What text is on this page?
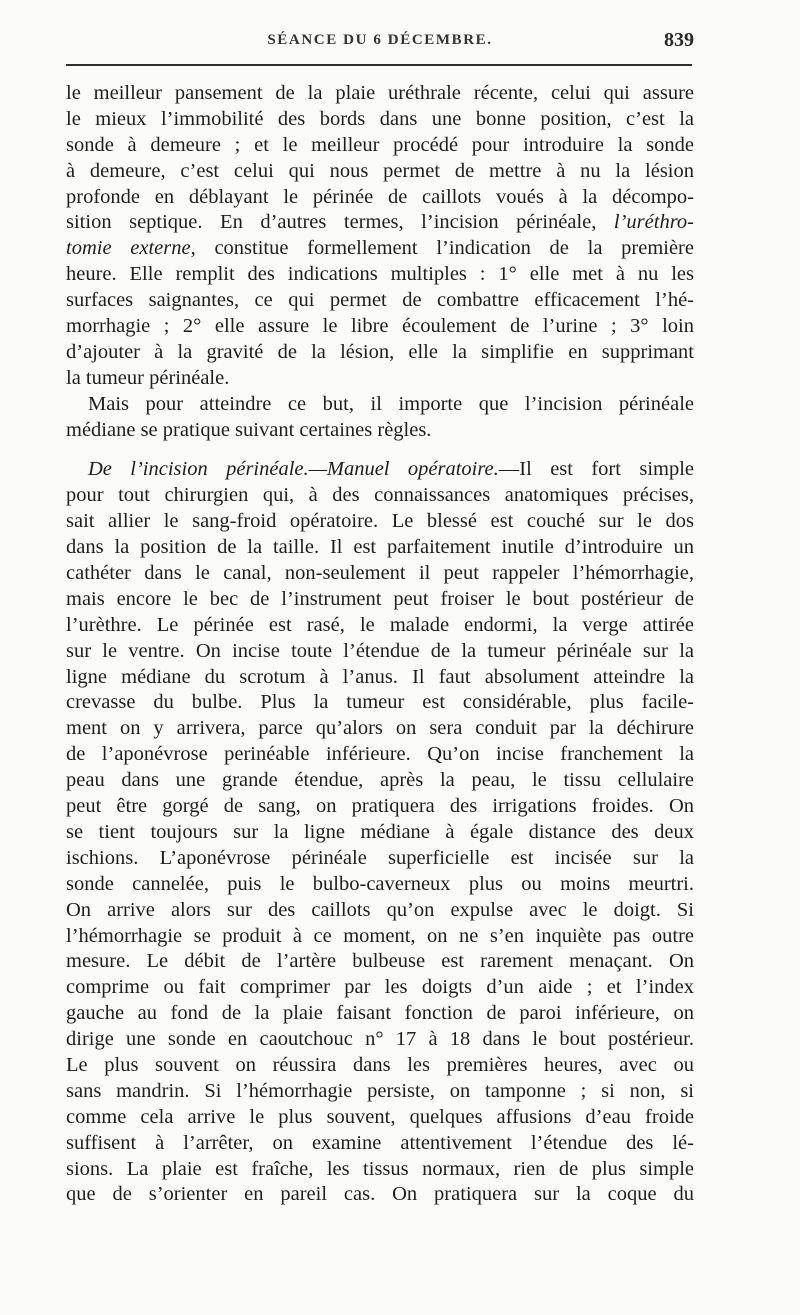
SÉANCE DU 6 DÉCEMBRE.	839
le meilleur pansement de la plaie uréthrale récente, celui qui assure
le mieux l’immobilité des bords dans une bonne position, c’est la
sonde à demeure ; et le meilleur procédé pour introduire la sonde
à demeure, c’est celui qui nous permet de mettre à nu la lésion
profonde en déblayant le périnée de caillots voués à la décompo-
sition septique. En d’autres termes, l’incision périnéale, l’uréthro-
tomie externe, constitue formellement l’indication de la première
heure. Elle remplit des indications multiples : 1° elle met à nu les
surfaces saignantes, ce qui permet de combattre efficacement l’hé-
morrhagie ; 2° elle assure le libre écoulement de l’urine ; 3° loin
d’ajouter à la gravité de la lésion, elle la simplifie en supprimant
la tumeur périnéale.
Mais pour atteindre ce but, il importe que l’incision périnéale
médiane se pratique suivant certaines règles.
De l’incision périnéale.—Manuel opératoire.—Il est fort simple
pour tout chirurgien qui, à des connaissances anatomiques précises,
sait allier le sang-froid opératoire. Le blessé est couché sur le dos
dans la position de la taille. Il est parfaitement inutile d’introduire un
cathéter dans le canal, non-seulement il peut rappeler l’hémorrhagie,
mais encore le bec de l’instrument peut froiser le bout postérieur de
l’urèthre. Le périnée est rasé, le malade endormi, la verge attirée
sur le ventre. On incise toute l’étendue de la tumeur périnéale sur la
ligne médiane du scrotum à l’anus. Il faut absolument atteindre la
crevasse du bulbe. Plus la tumeur est considérable, plus facile-
ment on y arrivera, parce qu’alors on sera conduit par la déchirure
de l’aponévrose perinéable inférieure. Qu’on incise franchement la
peau dans une grande étendue, après la peau, le tissu cellulaire
peut être gorgé de sang, on pratiquera des irrigations froides. On
se tient toujours sur la ligne médiane à égale distance des deux
ischions. L’aponévrose périnéale superficielle est incisée sur la
sonde cannelée, puis le bulbo-caverneux plus ou moins meurtri.
On arrive alors sur des caillots qu’on expulse avec le doigt. Si
l’hémorrhagie se produit à ce moment, on ne s’en inquiète pas outre
mesure. Le débit de l’artère bulbeuse est rarement menaçant. On
comprime ou fait comprimer par les doigts d’un aide ; et l’index
gauche au fond de la plaie faisant fonction de paroi inférieure, on
dirige une sonde en caoutchouc n° 17 à 18 dans le bout postérieur.
Le plus souvent on réussira dans les premières heures, avec ou
sans mandrin. Si l’hémorrhagie persiste, on tamponne ; si non, si
comme cela arrive le plus souvent, quelques affusions d’eau froide
suffisent à l’arrêter, on examine attentivement l’étendue des lé-
sions. La plaie est fraîche, les tissus normaux, rien de plus simple
que de s’orienter en pareil cas. On pratiquera sur la coque du
